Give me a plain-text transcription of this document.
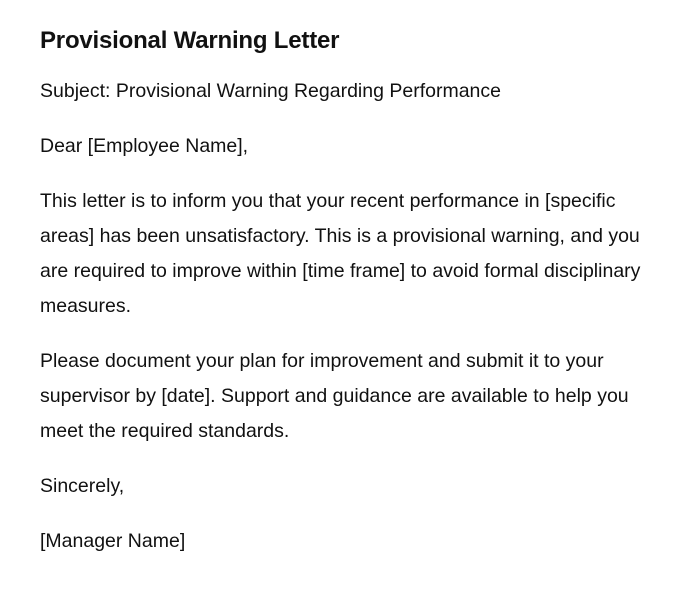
Provisional Warning Letter

Subject: Provisional Warning Regarding Performance

Dear [Employee Name],

This letter is to inform you that your recent performance in [specific areas] has been unsatisfactory. This is a provisional warning, and you are required to improve within [time frame] to avoid formal disciplinary measures.

Please document your plan for improvement and submit it to your supervisor by [date]. Support and guidance are available to help you meet the required standards.

Sincerely,

[Manager Name]
